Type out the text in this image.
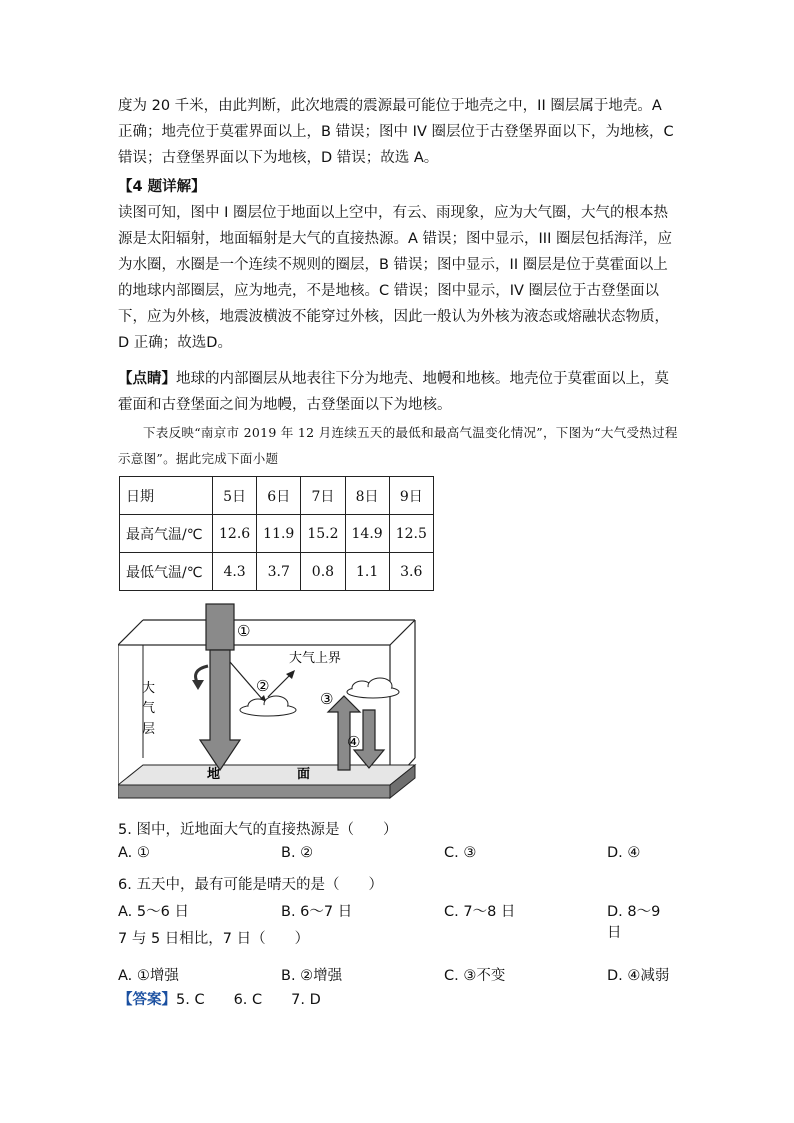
度为 20 千米，由此判断，此次地震的震源最可能位于地壳之中，II 圈层属于地壳。A 正确；地壳位于莫霍界面以上，B 错误；图中 IV 圈层位于古登堡界面以下，为地核，C 错误；古登堡界面以下为地核，D 错误；故选 A。

【4 题详解】

读图可知，图中 I 圈层位于地面以上空中，有云、雨现象，应为大气圈，大气的根本热源是太阳辐射，地面辐射是大气的直接热源。A 错误；图中显示，III 圈层包括海洋，应为水圈，水圈是一个连续不规则的圈层，B 错误；图中显示，II 圈层是位于莫霍面以上的地球内部圈层，应为地壳，不是地核。C 错误；图中显示，IV 圈层位于古登堡面以下，应为外核，地震波横波不能穿过外核，因此一般认为外核为液态或熔融状态物质，D 正确；故选D。

【点睛】地球的内部圈层从地表往下分为地壳、地幔和地核。地壳位于莫霍面以上，莫霍面和古登堡面之间为地幔，古登堡面以下为地核。

下表反映“南京市 2019 年 12 月连续五天的最低和最高气温变化情况”，下图为“大气受热过程示意图”。据此完成下面小题

日期	5日	6日	7日	8日	9日
最高气温/℃	12.6	11.9	15.2	14.9	12.5
最低气温/℃	4.3	3.7	0.8	1.1	3.6
大气上界
大
气
层
地	面
①
②
③
④

5. 图中，近地面大气的直接热源是（　　）

A. ①	B. ②	C. ③	D. ④

6. 五天中，最有可能是晴天的是（　　）

A. 5～6 日	B. 6～7 日	C. 7～8 日	D. 8～9 日

7 与 5 日相比，7 日（　　）

A. ①增强	B. ②增强	C. ③不变	D. ④减弱
【答案】5. C　　6. C　　7. D
